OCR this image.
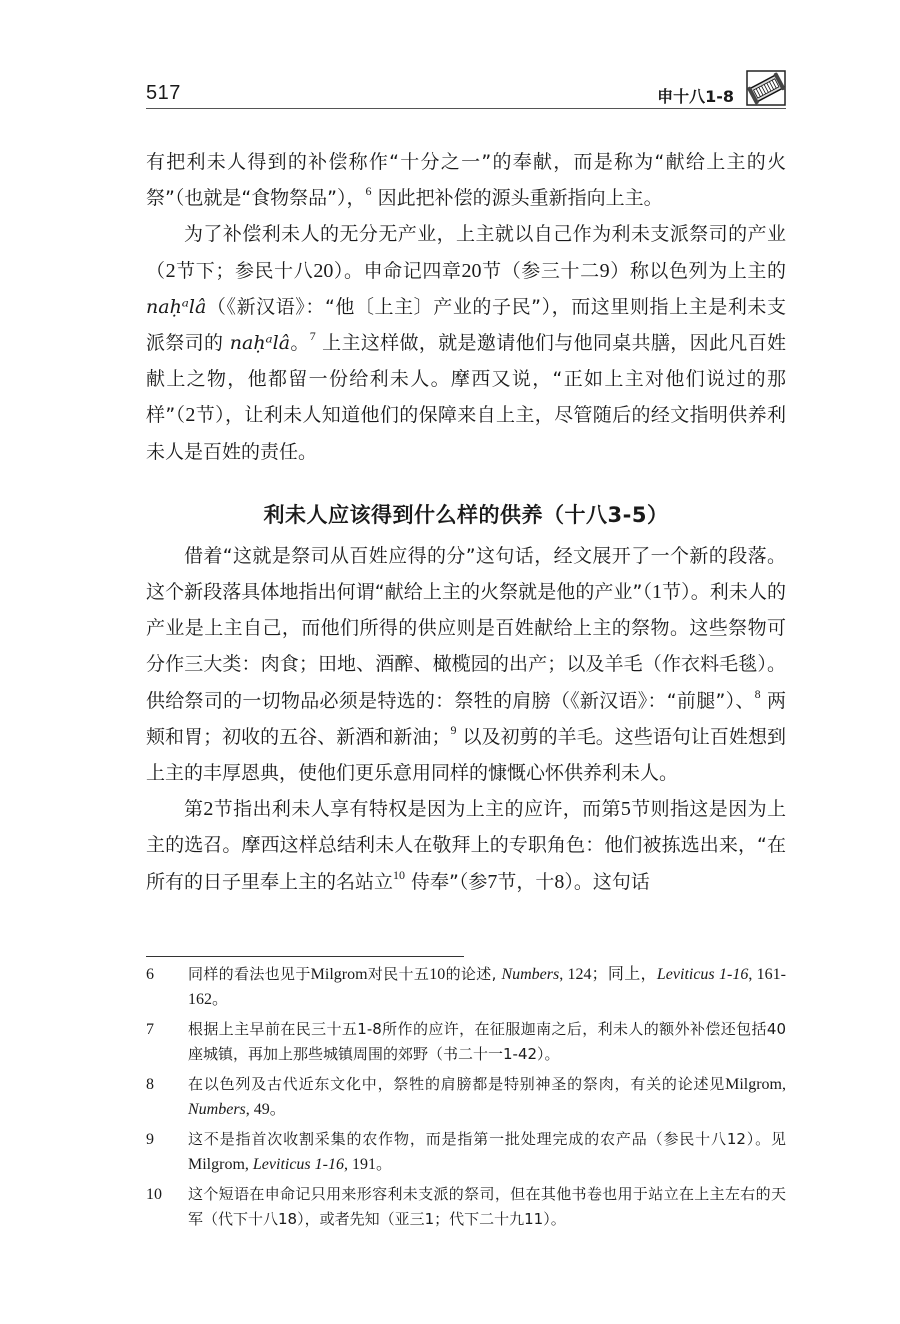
517	申十八1-8

有把利未人得到的补偿称作“十分之一”的奉献，而是称为“献给上主的火祭”（也就是“食物祭品”），$^6$ 因此把补偿的源头重新指向上主。

为了补偿利未人的无分无产业，上主就以自己作为利未支派祭司的产业（2节下；参民十八20）。申命记四章20节（参三十二9）称以色列为上主的 naḥᵃlâ（《新汉语》：“他〔上主〕产业的子民”），而这里则指上主是利未支派祭司的 naḥᵃlâ。$^7$ 上主这样做，就是邀请他们与他同桌共膳，因此凡百姓献上之物，他都留一份给利未人。摩西又说，“正如上主对他们说过的那样”（2节），让利未人知道他们的保障来自上主，尽管随后的经文指明供养利未人是百姓的责任。

利未人应该得到什么样的供养（十八3-5）

借着“这就是祭司从百姓应得的分”这句话，经文展开了一个新的段落。这个新段落具体地指出何谓“献给上主的火祭就是他的产业”（1节）。利未人的产业是上主自己，而他们所得的供应则是百姓献给上主的祭物。这些祭物可分作三大类：肉食；田地、酒醡、橄榄园的出产；以及羊毛（作衣料毛毯）。供给祭司的一切物品必须是特选的：祭牲的肩膀（《新汉语》：“前腿”）、$^8$ 两颊和胃；初收的五谷、新酒和新油；$^9$ 以及初剪的羊毛。这些语句让百姓想到上主的丰厚恩典，使他们更乐意用同样的慷慨心怀供养利未人。

第2节指出利未人享有特权是因为上主的应许，而第5节则指这是因为上主的选召。摩西这样总结利未人在敬拜上的专职角色：他们被拣选出来，“在所有的日子里奉上主的名站立$^{10}$ 侍奉”（参7节，十8）。这句话

6 同样的看法也见于Milgrom对民十五10的论述, Numbers, 124；同上，Leviticus 1-16, 161-162。
7 根据上主早前在民三十五1-8所作的应许，在征服迦南之后，利未人的额外补偿还包括40座城镇，再加上那些城镇周围的郊野（书二十一1-42）。
8 在以色列及古代近东文化中，祭牲的肩膀都是特别神圣的祭肉，有关的论述见Milgrom, Numbers, 49。
9 这不是指首次收割采集的农作物，而是指第一批处理完成的农产品（参民十八12）。见Milgrom, Leviticus 1-16, 191。
10 这个短语在申命记只用来形容利未支派的祭司，但在其他书卷也用于站立在上主左右的天军（代下十八18），或者先知（亚三1；代下二十九11）。
